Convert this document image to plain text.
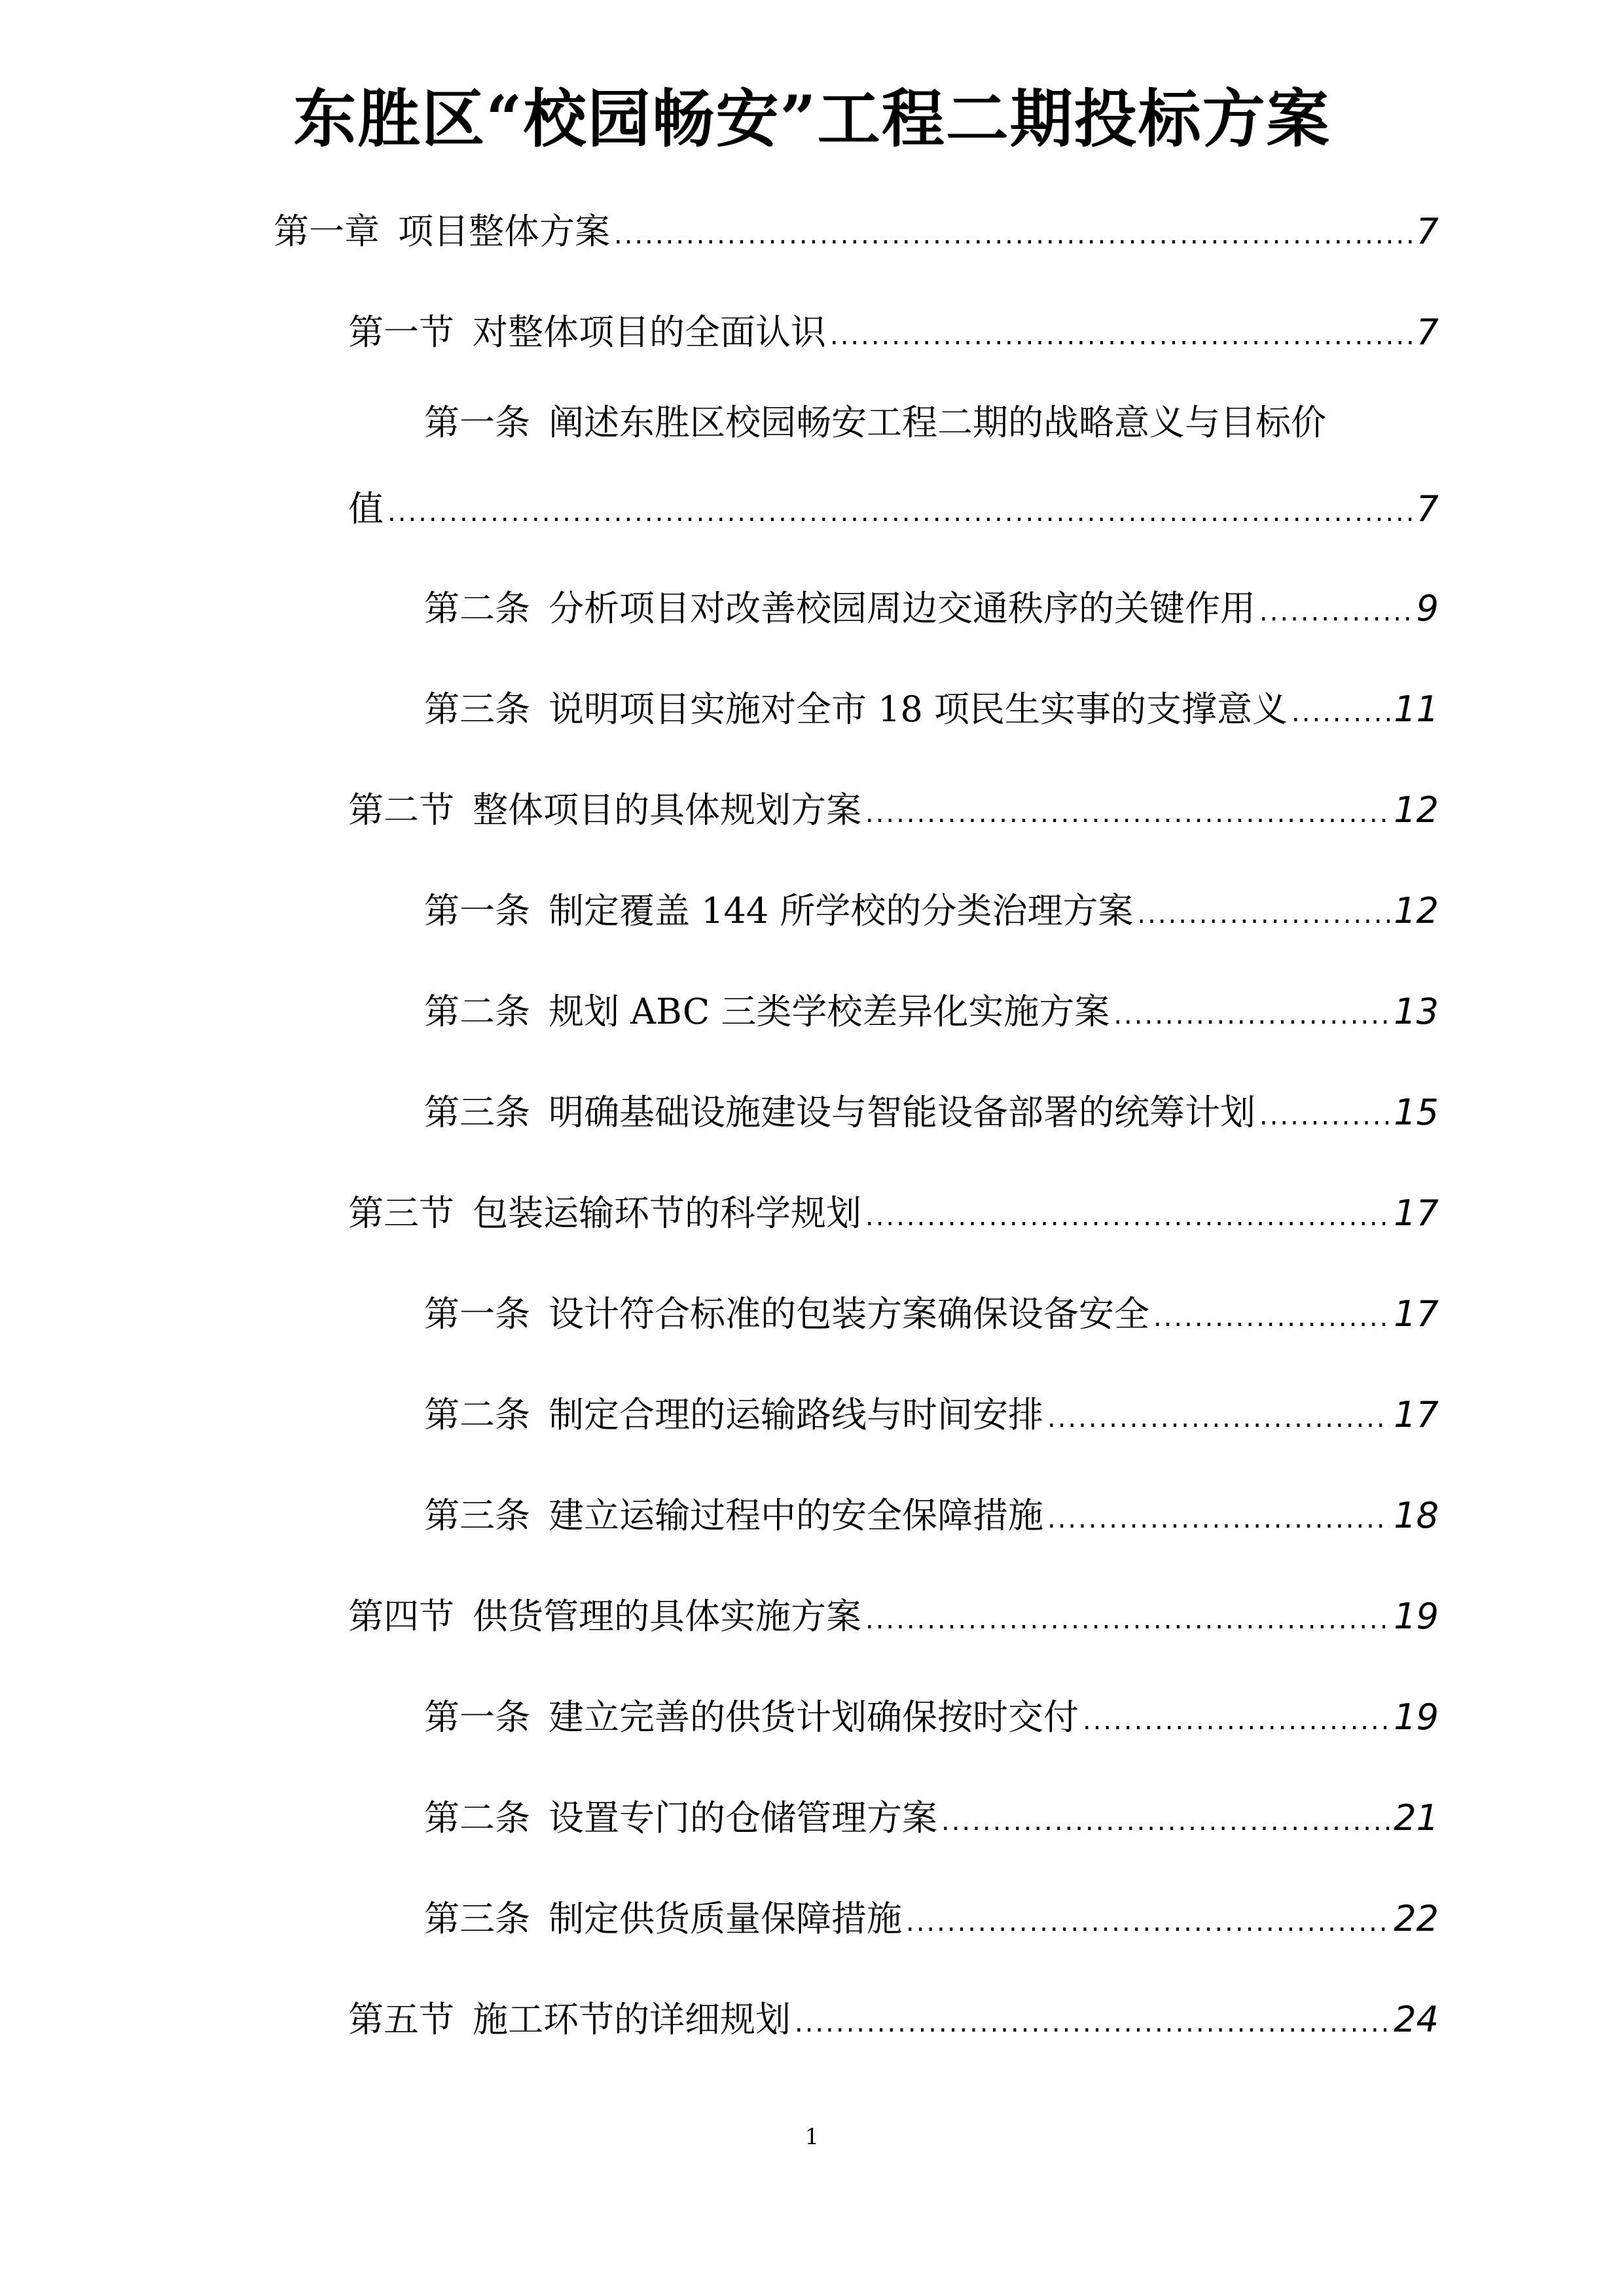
东胜区“校园畅安”工程二期投标方案
第一章 项目整体方案 .....	7
第一节 对整体项目的全面认识 .....	7
第一条 阐述东胜区校园畅安工程二期的战略意义与目标价
值 .....	7
第二条 分析项目对改善校园周边交通秩序的关键作用 .....	9
第三条 说明项目实施对全市 18 项民生实事的支撑意义 .....	11
第二节 整体项目的具体规划方案 .....	12
第一条 制定覆盖 144 所学校的分类治理方案 .....	12
第二条 规划 ABC 三类学校差异化实施方案 .....	13
第三条 明确基础设施建设与智能设备部署的统筹计划 .....	15
第三节 包装运输环节的科学规划 .....	17
第一条 设计符合标准的包装方案确保设备安全 .....	17
第二条 制定合理的运输路线与时间安排 .....	17
第三条 建立运输过程中的安全保障措施 .....	18
第四节 供货管理的具体实施方案 .....	19
第一条 建立完善的供货计划确保按时交付 .....	19
第二条 设置专门的仓储管理方案 .....	21
第三条 制定供货质量保障措施 .....	22
第五节 施工环节的详细规划 .....	24
1
